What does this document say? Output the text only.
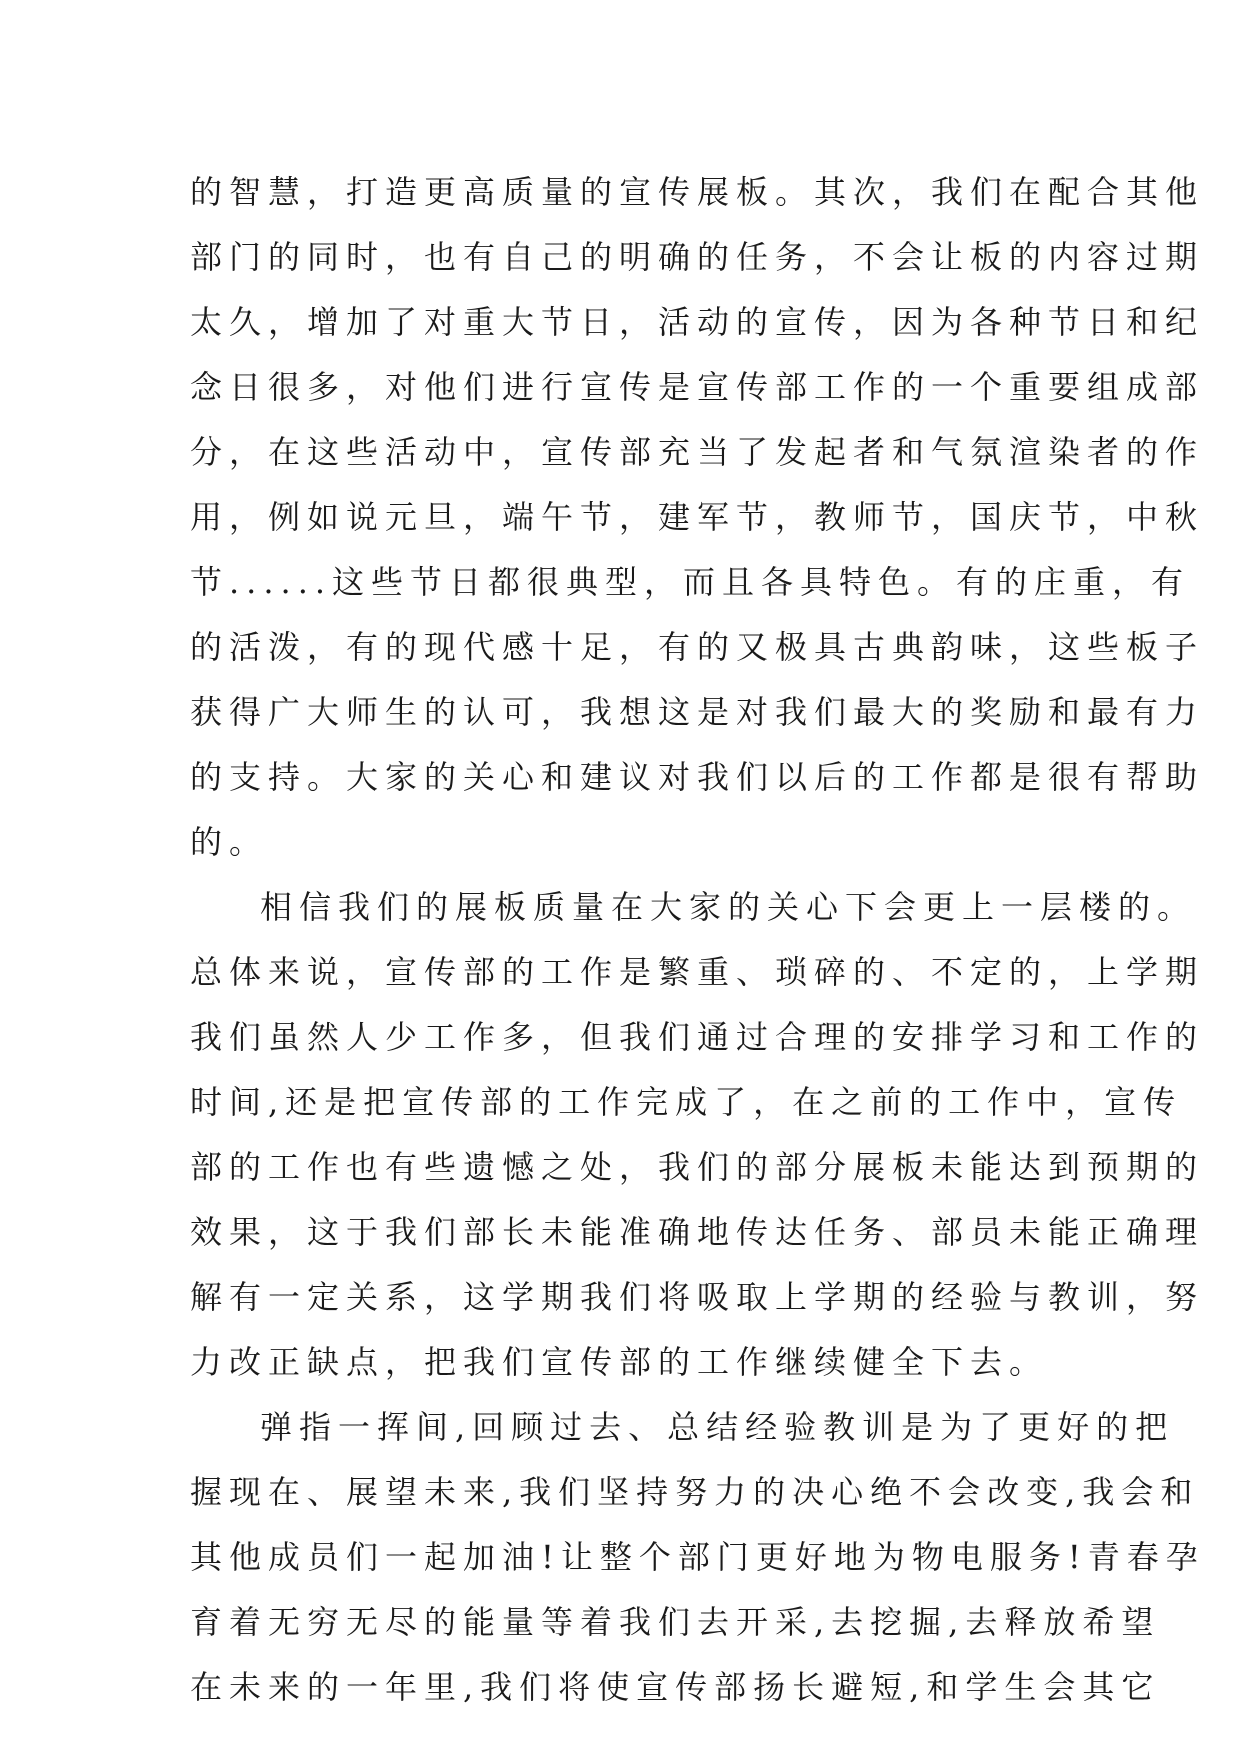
的智慧，打造更高质量的宣传展板。其次，我们在配合其他
部门的同时，也有自己的明确的任务，不会让板的内容过期
太久，增加了对重大节日，活动的宣传，因为各种节日和纪
念日很多，对他们进行宣传是宣传部工作的一个重要组成部
分，在这些活动中，宣传部充当了发起者和气氛渲染者的作
用，例如说元旦，端午节，建军节，教师节，国庆节，中秋
节......这些节日都很典型，而且各具特色。有的庄重，有
的活泼，有的现代感十足，有的又极具古典韵味，这些板子
获得广大师生的认可，我想这是对我们最大的奖励和最有力
的支持。大家的关心和建议对我们以后的工作都是很有帮助
的。
相信我们的展板质量在大家的关心下会更上一层楼的。
总体来说，宣传部的工作是繁重、琐碎的、不定的，上学期
我们虽然人少工作多，但我们通过合理的安排学习和工作的
时间,还是把宣传部的工作完成了，在之前的工作中，宣传
部的工作也有些遗憾之处，我们的部分展板未能达到预期的
效果，这于我们部长未能准确地传达任务、部员未能正确理
解有一定关系，这学期我们将吸取上学期的经验与教训，努
力改正缺点，把我们宣传部的工作继续健全下去。
弹指一挥间,回顾过去、总结经验教训是为了更好的把
握现在、展望未来,我们坚持努力的决心绝不会改变,我会和
其他成员们一起加油!让整个部门更好地为物电服务!青春孕
育着无穷无尽的能量等着我们去开采,去挖掘,去释放希望
在未来的一年里,我们将使宣传部扬长避短,和学生会其它
